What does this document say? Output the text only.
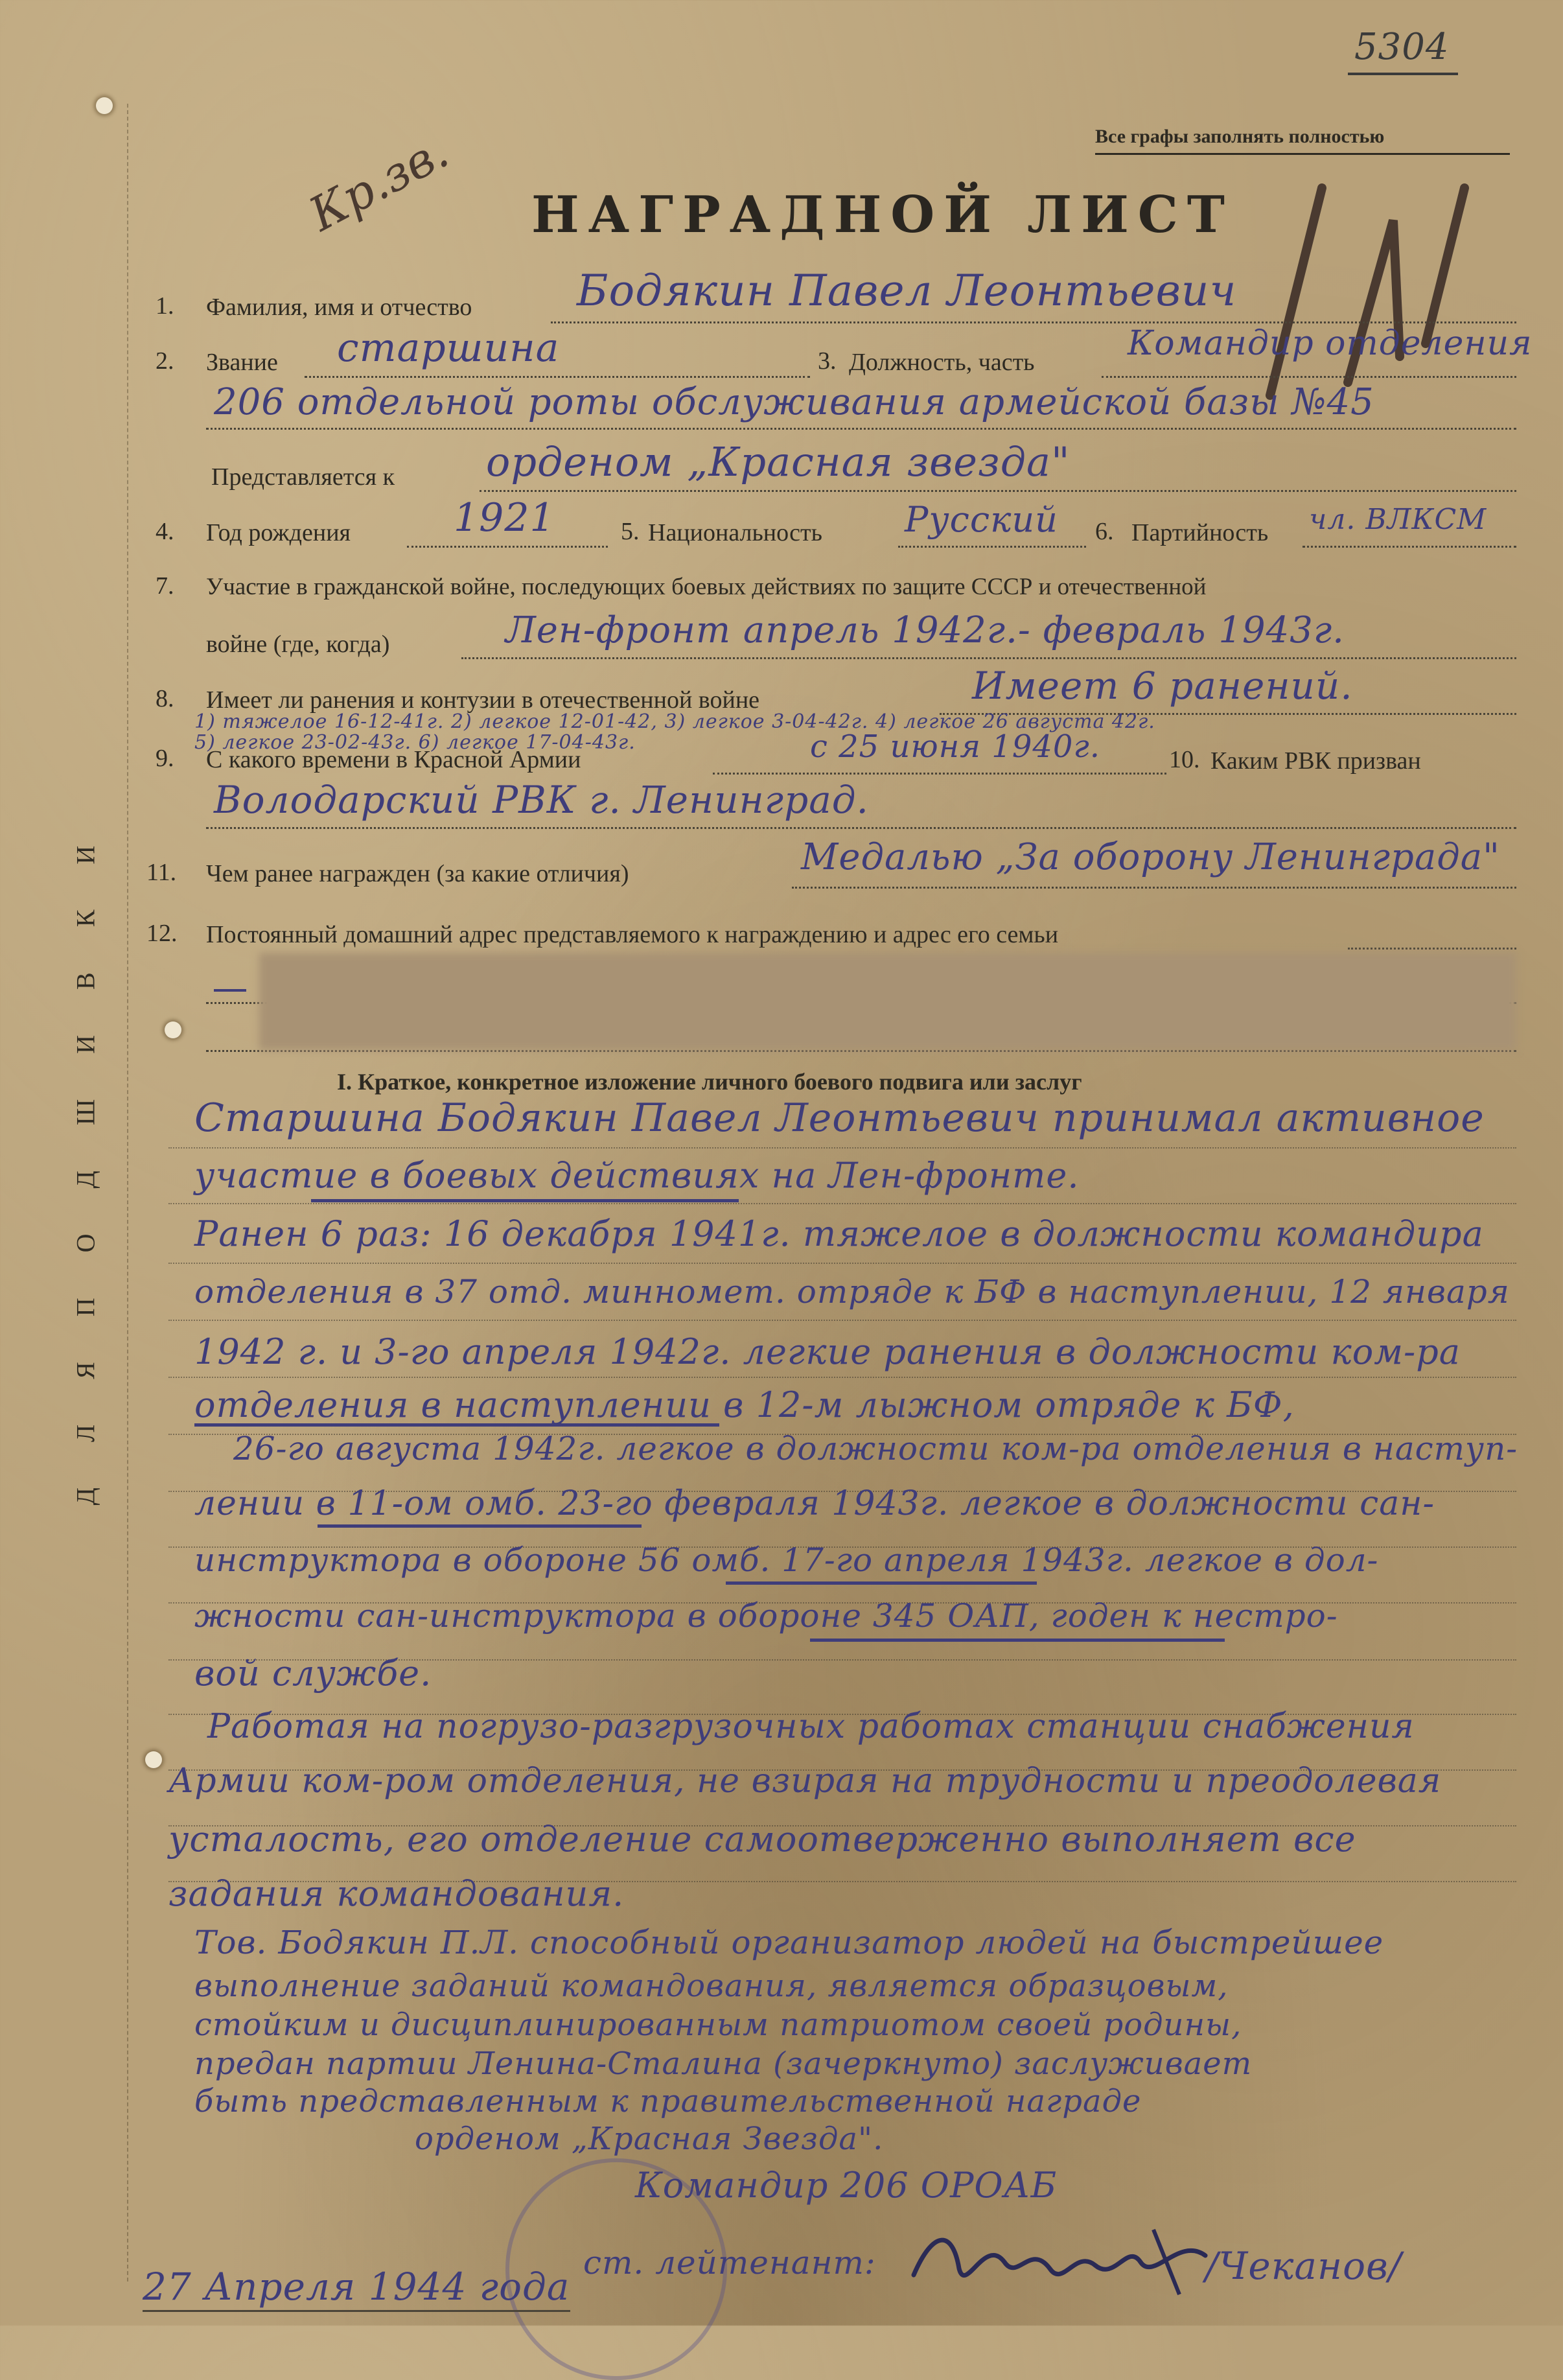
5304
Все графы заполнять полностью
Кр.зв. НАГРАДНОЙ ЛИСТ
1. Фамилия, имя и отчество Бодякин Павел Леонтьевич
2. Звание старшина	3. Должность, часть	Командир отделения
206 отдельной роты обслуживания армейской базы №45
Представляется к орденом „Красная звезда"
4. Год рождения	1921	5. Национальность Русский 6. Партийность чл. ВЛКСМ
7. Участие в гражданской войне, последующих боевых действиях по защите СССР и отечественной
войне (где, когда)	Лен-фронт апрель 1942г.- февраль 1943г.
8. Имеет ли ранения и контузии в отечественной войне	Имеет 6 ранений.
1) тяжелое 16-12-41г. 2) легкое 12-01-42, 3) легкое 3-04-42г. 4) легкое 26 августа 42г.
5) легкое 23-02-43г. 6) легкое 17-04-43г.
9. С какого времени в Красной Армии	с 25 июня 1940г.	10. Каким РВК призван
Володарский РВК г. Ленинград.
11. Чем ранее награжден (за какие отличия)	Медалью „За оборону Ленинграда"
12. Постоянный домашний адрес представляемого к награждению и адрес его семьи
I. Краткое, конкретное изложение личного боевого подвига или заслуг
Старшина Бодякин Павел Леонтьевич принимал активное
участие в боевых действиях на Лен-фронте.
Ранен 6 раз: 16 декабря 1941г. тяжелое в должности командира
отделения в 37 отд. минномет. отряде к БФ в наступлении, 12 января
1942 г. и 3-го апреля 1942г. легкие ранения в должности ком-ра
отделения в наступлении в 12-м лыжном отряде к БФ,
26-го августа 1942г. легкое в должности ком-ра отделения в наступ-
лении в 11-ом омб. 23-го февраля 1943г. легкое в должности сан-
инструктора в обороне 56 омб. 17-го апреля 1943г. легкое в дол-
жности сан-инструктора в обороне 345 ОАП, годен к нестро-
вой службе.
Работая на погрузо-разгрузочных работах станции снабжения
Армии ком-ром отделения, не взирая на трудности и преодолевая
усталость, его отделение самоотверженно выполняет все
задания командования.
Тов. Бодякин П.Л. способный организатор людей на быстрейшее
выполнение заданий командования, является образцовым,
стойким и дисциплинированным патриотом своей родины,
предан партии Ленина-Сталина (зачеркнуто) заслуживает
быть представленным к правительственной награде
орденом „Красная Звезда".
Командир 206 ОРОАБ
ст. лейтенант:	/Чеканов/
27 Апреля 1944 года
Д Л Я П О Д Ш И В К И
